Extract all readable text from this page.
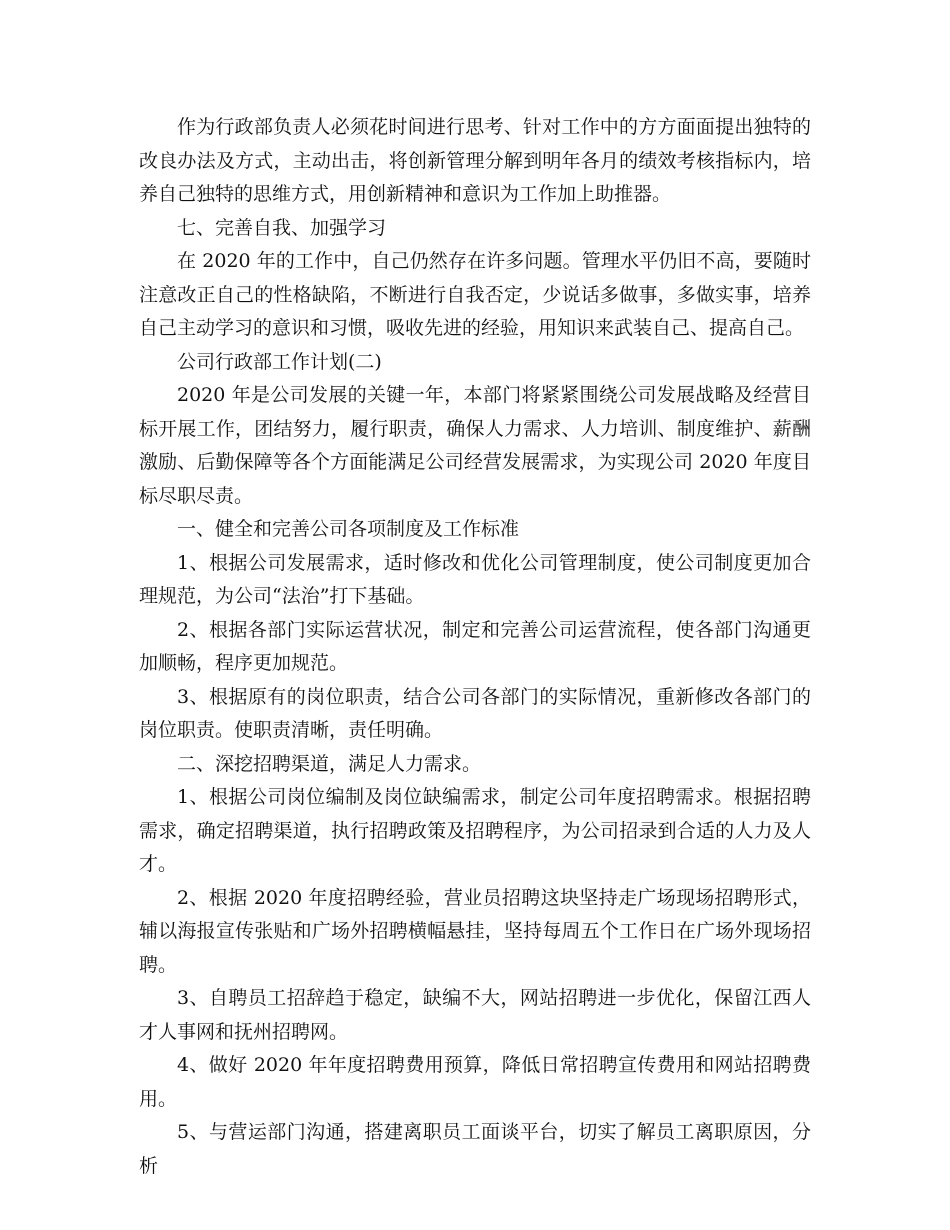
作为行政部负责人必须花时间进行思考、针对工作中的方方面面提出独特的改良办法及方式，主动出击，将创新管理分解到明年各月的绩效考核指标内，培养自己独特的思维方式，用创新精神和意识为工作加上助推器。

七、完善自我、加强学习

在 2020 年的工作中，自己仍然存在许多问题。管理水平仍旧不高，要随时注意改正自己的性格缺陷，不断进行自我否定，少说话多做事，多做实事，培养自己主动学习的意识和习惯，吸收先进的经验，用知识来武装自己、提高自己。

公司行政部工作计划(二)

2020 年是公司发展的关键一年，本部门将紧紧围绕公司发展战略及经营目标开展工作，团结努力，履行职责，确保人力需求、人力培训、制度维护、薪酬激励、后勤保障等各个方面能满足公司经营发展需求，为实现公司 2020 年度目标尽职尽责。

一、健全和完善公司各项制度及工作标准

1、根据公司发展需求，适时修改和优化公司管理制度，使公司制度更加合理规范，为公司“法治”打下基础。

2、根据各部门实际运营状况，制定和完善公司运营流程，使各部门沟通更加顺畅，程序更加规范。

3、根据原有的岗位职责，结合公司各部门的实际情况，重新修改各部门的岗位职责。使职责清晰，责任明确。

二、深挖招聘渠道，满足人力需求。

1、根据公司岗位编制及岗位缺编需求，制定公司年度招聘需求。根据招聘需求，确定招聘渠道，执行招聘政策及招聘程序，为公司招录到合适的人力及人才。

2、根据 2020 年度招聘经验，营业员招聘这块坚持走广场现场招聘形式，辅以海报宣传张贴和广场外招聘横幅悬挂，坚持每周五个工作日在广场外现场招聘。

3、自聘员工招辞趋于稳定，缺编不大，网站招聘进一步优化，保留江西人才人事网和抚州招聘网。

4、做好 2020 年年度招聘费用预算，降低日常招聘宣传费用和网站招聘费用。

5、与营运部门沟通，搭建离职员工面谈平台，切实了解员工离职原因，分析
